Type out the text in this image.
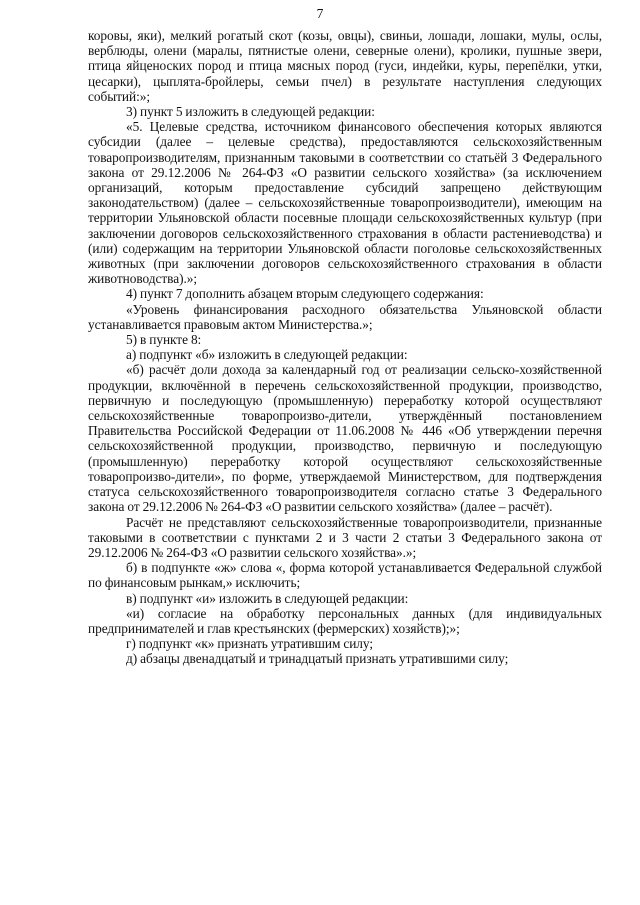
7

коровы, яки), мелкий рогатый скот (козы, овцы), свиньи, лошади, лошаки, мулы, ослы, верблюды, олени (маралы, пятнистые олени, северные олени), кролики, пушные звери, птица яйценоских пород и птица мясных пород (гуси, индейки, куры, перепёлки, утки, цесарки), цыплята-бройлеры, семьи пчел) в результате наступления следующих событий:»;

3) пункт 5 изложить в следующей редакции:

«5. Целевые средства, источником финансового обеспечения которых являются субсидии (далее – целевые средства), предоставляются сельскохозяйственным товаропроизводителям, признанным таковыми в соответствии со статьёй 3 Федерального закона от 29.12.2006 № 264-ФЗ «О развитии сельского хозяйства» (за исключением организаций, которым предоставление субсидий запрещено действующим законодательством) (далее – сельскохозяйственные товаропроизводители), имеющим на территории Ульяновской области посевные площади сельскохозяйственных культур (при заключении договоров сельскохозяйственного страхования в области растениеводства) и (или) содержащим на территории Ульяновской области поголовье сельскохозяйственных животных (при заключении договоров сельскохозяйственного страхования в области животноводства).»;

4) пункт 7 дополнить абзацем вторым следующего содержания:

«Уровень финансирования расходного обязательства Ульяновской области устанавливается правовым актом Министерства.»;

5) в пункте 8:

а) подпункт «б» изложить в следующей редакции:

«б) расчёт доли дохода за календарный год от реализации сельско-хозяйственной продукции, включённой в перечень сельскохозяйственной продукции, производство, первичную и последующую (промышленную) переработку которой осуществляют сельскохозяйственные товаропроизво-дители, утверждённый постановлением Правительства Российской Федерации от 11.06.2008 № 446 «Об утверждении перечня сельскохозяйственной продукции, производство, первичную и последующую (промышленную) переработку которой осуществляют сельскохозяйственные товаропроизво-дители», по форме, утверждаемой Министерством, для подтверждения статуса сельскохозяйственного товаропроизводителя согласно статье 3 Федерального закона от 29.12.2006 № 264-ФЗ «О развитии сельского хозяйства» (далее – расчёт).

Расчёт не представляют сельскохозяйственные товаропроизводители, признанные таковыми в соответствии с пунктами 2 и 3 части 2 статьи 3 Федерального закона от 29.12.2006 № 264-ФЗ «О развитии сельского хозяйства».»;

б) в подпункте «ж» слова «, форма которой устанавливается Федеральной службой по финансовым рынкам,» исключить;

в) подпункт «и» изложить в следующей редакции:

«и) согласие на обработку персональных данных (для индивидуальных предпринимателей и глав крестьянских (фермерских) хозяйств);»;

г) подпункт «к» признать утратившим силу;

д) абзацы двенадцатый и тринадцатый признать утратившими силу;
